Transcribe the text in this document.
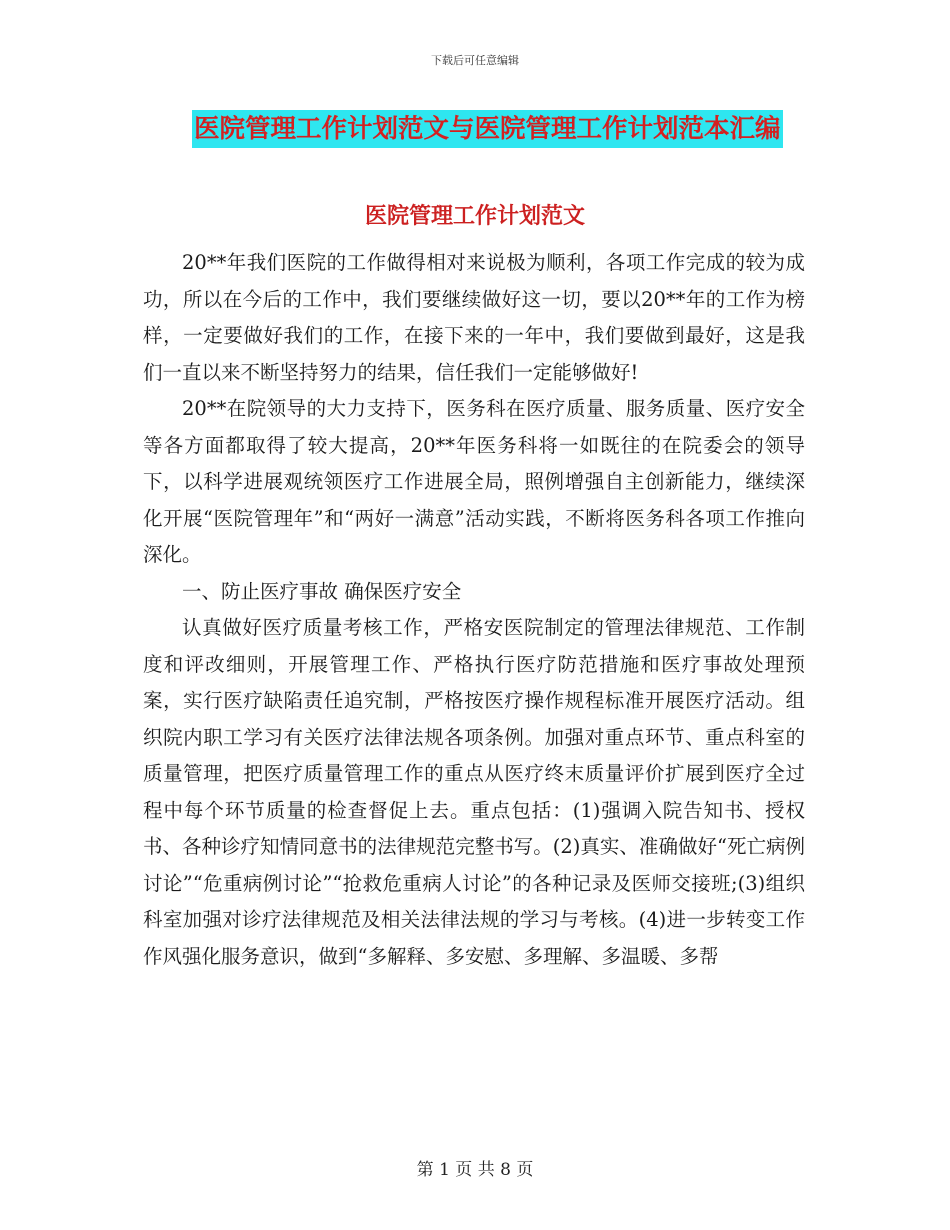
下载后可任意编辑
医院管理工作计划范文与医院管理工作计划范本汇编
医院管理工作计划范文

20**年我们医院的工作做得相对来说极为顺利，各项工作完成的较为成功，所以在今后的工作中，我们要继续做好这一切，要以20**年的工作为榜样，一定要做好我们的工作，在接下来的一年中，我们要做到最好，这是我们一直以来不断坚持努力的结果，信任我们一定能够做好!

20**在院领导的大力支持下，医务科在医疗质量、服务质量、医疗安全等各方面都取得了较大提高，20**年医务科将一如既往的在院委会的领导下，以科学进展观统领医疗工作进展全局，照例增强自主创新能力，继续深化开展“医院管理年”和“两好一满意”活动实践，不断将医务科各项工作推向深化。

一、防止医疗事故 确保医疗安全

认真做好医疗质量考核工作，严格安医院制定的管理法律规范、工作制度和评改细则，开展管理工作、严格执行医疗防范措施和医疗事故处理预案，实行医疗缺陷责任追究制，严格按医疗操作规程标准开展医疗活动。组织院内职工学习有关医疗法律法规各项条例。加强对重点环节、重点科室的质量管理，把医疗质量管理工作的重点从医疗终末质量评价扩展到医疗全过程中每个环节质量的检查督促上去。重点包括：(1)强调入院告知书、授权书、各种诊疗知情同意书的法律规范完整书写。(2)真实、准确做好“死亡病例讨论”“危重病例讨论”“抢救危重病人讨论”的各种记录及医师交接班;(3)组织科室加强对诊疗法律规范及相关法律法规的学习与考核。(4)进一步转变工作作风强化服务意识，做到“多解释、多安慰、多理解、多温暖、多帮

第 1 页 共 8 页
